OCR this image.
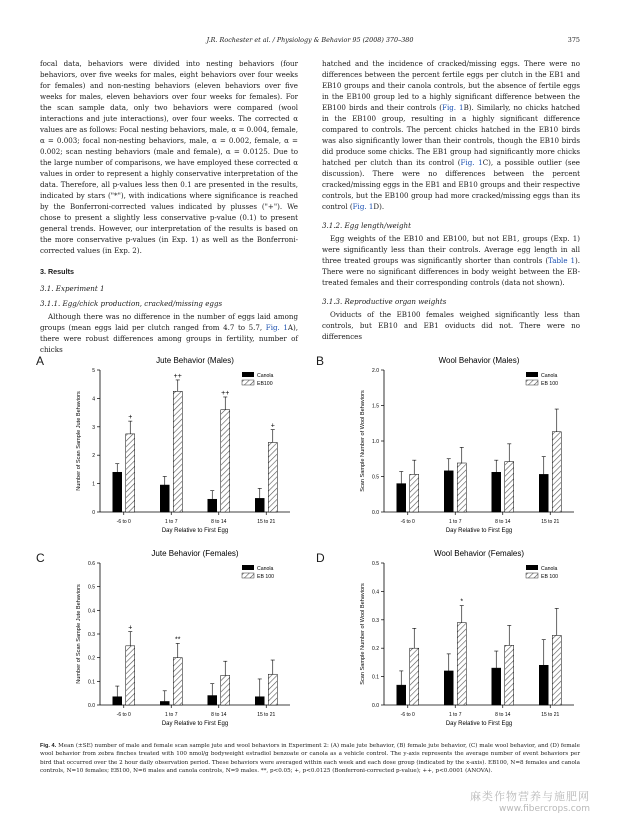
J.R. Rochester et al. / Physiology & Behavior 95 (2008) 370–380	375

focal data, behaviors were divided into nesting behaviors (four behaviors, over five weeks for males, eight behaviors over four weeks for females) and non-nesting behaviors (eleven behaviors over five weeks for males, eleven behaviors over four weeks for females). For the scan sample data, only two behaviors were compared (wool interactions and jute interactions), over four weeks. The corrected α values are as follows: Focal nesting behaviors, male, α = 0.004, female, α = 0.003; focal non-nesting behaviors, male, α = 0.002, female, α = 0.002; scan nesting behaviors (male and female), α = 0.0125. Due to the large number of comparisons, we have employed these corrected α values in order to represent a highly conservative interpretation of the data. Therefore, all p-values less then 0.1 are presented in the results, indicated by stars ("*"), with indications where significance is reached by the Bonferroni-corrected values indicated by plusses ("+"). We chose to present a slightly less conservative p-value (0.1) to present general trends. However, our interpretation of the results is based on the more conservative p-values (in Exp. 1) as well as the Bonferroni-corrected values (in Exp. 2).

3. Results
3.1. Experiment 1
3.1.1. Egg/chick production, cracked/missing eggs

Although there was no difference in the number of eggs laid among groups (mean eggs laid per clutch ranged from 4.7 to 5.7, Fig. 1A), there were robust differences among groups in fertility, number of chicks

hatched and the incidence of cracked/missing eggs. There were no differences between the percent fertile eggs per clutch in the EB1 and EB10 groups and their canola controls, but the absence of fertile eggs in the EB100 group led to a highly significant difference between the EB100 birds and their controls (Fig. 1B). Similarly, no chicks hatched in the EB100 group, resulting in a highly significant difference compared to controls. The percent chicks hatched in the EB10 birds was also significantly lower than their controls, though the EB10 birds did produce some chicks. The EB1 group had significantly more chicks hatched per clutch than its control (Fig. 1C), a possible outlier (see discussion). There were no differences between the percent cracked/missing eggs in the EB1 and EB10 groups and their respective controls, but the EB100 group had more cracked/missing eggs than its control (Fig. 1D).

3.1.2. Egg length/weight

Egg weights of the EB10 and EB100, but not EB1, groups (Exp. 1) were significantly less than their controls. Average egg length in all three treated groups was significantly shorter than controls (Table 1). There were no significant differences in body weight between the EB-treated females and their corresponding controls (data not shown).

3.1.3. Reproductive organ weights

Oviducts of the EB100 females weighed significantly less than controls, but EB10 and EB1 oviducts did not. There were no differences

A	Jute Behavior (Males)
0
1
2
3
4
5
Number of Scan Sample Jute Behaviors
-6 to 0
+
1 to 7
++
8 to 14
++
15 to 21
+
Day Relative to First Egg
Canola
EB100
B	Wool Behavior (Males)
0.0
0.5
1.0
1.5
2.0
Scan Sample Number of Wool Behaviors
-6 to 0	1 to 7	8 to 14	15 to 21
Day Relative to First Egg
Canola
EB 100
C	Jute Behavior (Females)
0.0
0.1
0.2
0.3
0.4
0.5
0.6
Number of Scan Sample Jute Behaviors
-6 to 0
+
1 to 7
**
8 to 14	15 to 21
Day Relative to First Egg
Canola
EB 100
D	Wool Behavior (Females)
0.0
0.1
0.2
0.3
0.4
0.5
Scan Sample Number of Wool Behaviors
-6 to 0	1 to 7
*
8 to 14	15 to 21
Day Relative to First Egg
Canola
EB 100
Fig. 4. Mean (±SE) number of male and female scan sample jute and wool behaviors in Experiment 2: (A) male jute behavior, (B) female jute behavior, (C) male wool behavior, and (D) female wool behavior from zebra finches treated with 100 nmol/g bodyweight estradiol benzoate or canola as a vehicle control. The y-axis represents the average number of event behaviors per bird that occurred over the 2 hour daily observation period. These behaviors were averaged within each week and each dose group (indicated by the x-axis). EB100, N=8 females and canola controls, N=10 females; EB100, N=6 males and canola controls, N=9 males. **, p<0.05; +, p<0.0125 (Bonferroni-corrected p-value); ++, p<0.0001 (ANOVA).
麻类作物营养与施肥网
www.fibercrops.com
